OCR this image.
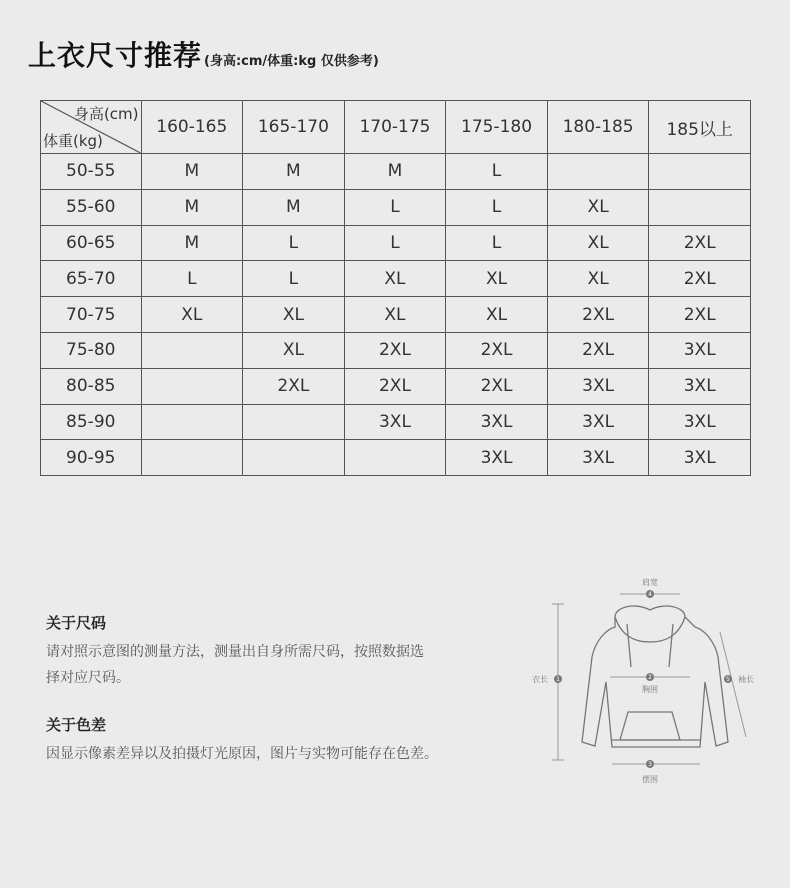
上衣尺寸推荐 (身高:cm/体重:kg 仅供参考)
身高(cm)
体重(kg)	160-165	165-170	170-175	175-180	180-185	185以上
50-55	M	M	M	L		
55-60	M	M	L	L	XL	
60-65	M	L	L	L	XL	2XL
65-70	L	L	XL	XL	XL	2XL
70-75	XL	XL	XL	XL	2XL	2XL
75-80		XL	2XL	2XL	2XL	3XL
80-85		2XL	2XL	2XL	3XL	3XL
85-90			3XL	3XL	3XL	3XL
90-95				3XL	3XL	3XL
关于尺码

请对照示意图的测量方法，测量出自身所需尺码，按照数据选

择对应尺码。

关于色差

因显示像素差异以及拍摄灯光原因，图片与实物可能存在色差。

4
1	2
3
5
肩宽
衣长
胸围
摆围
袖长
